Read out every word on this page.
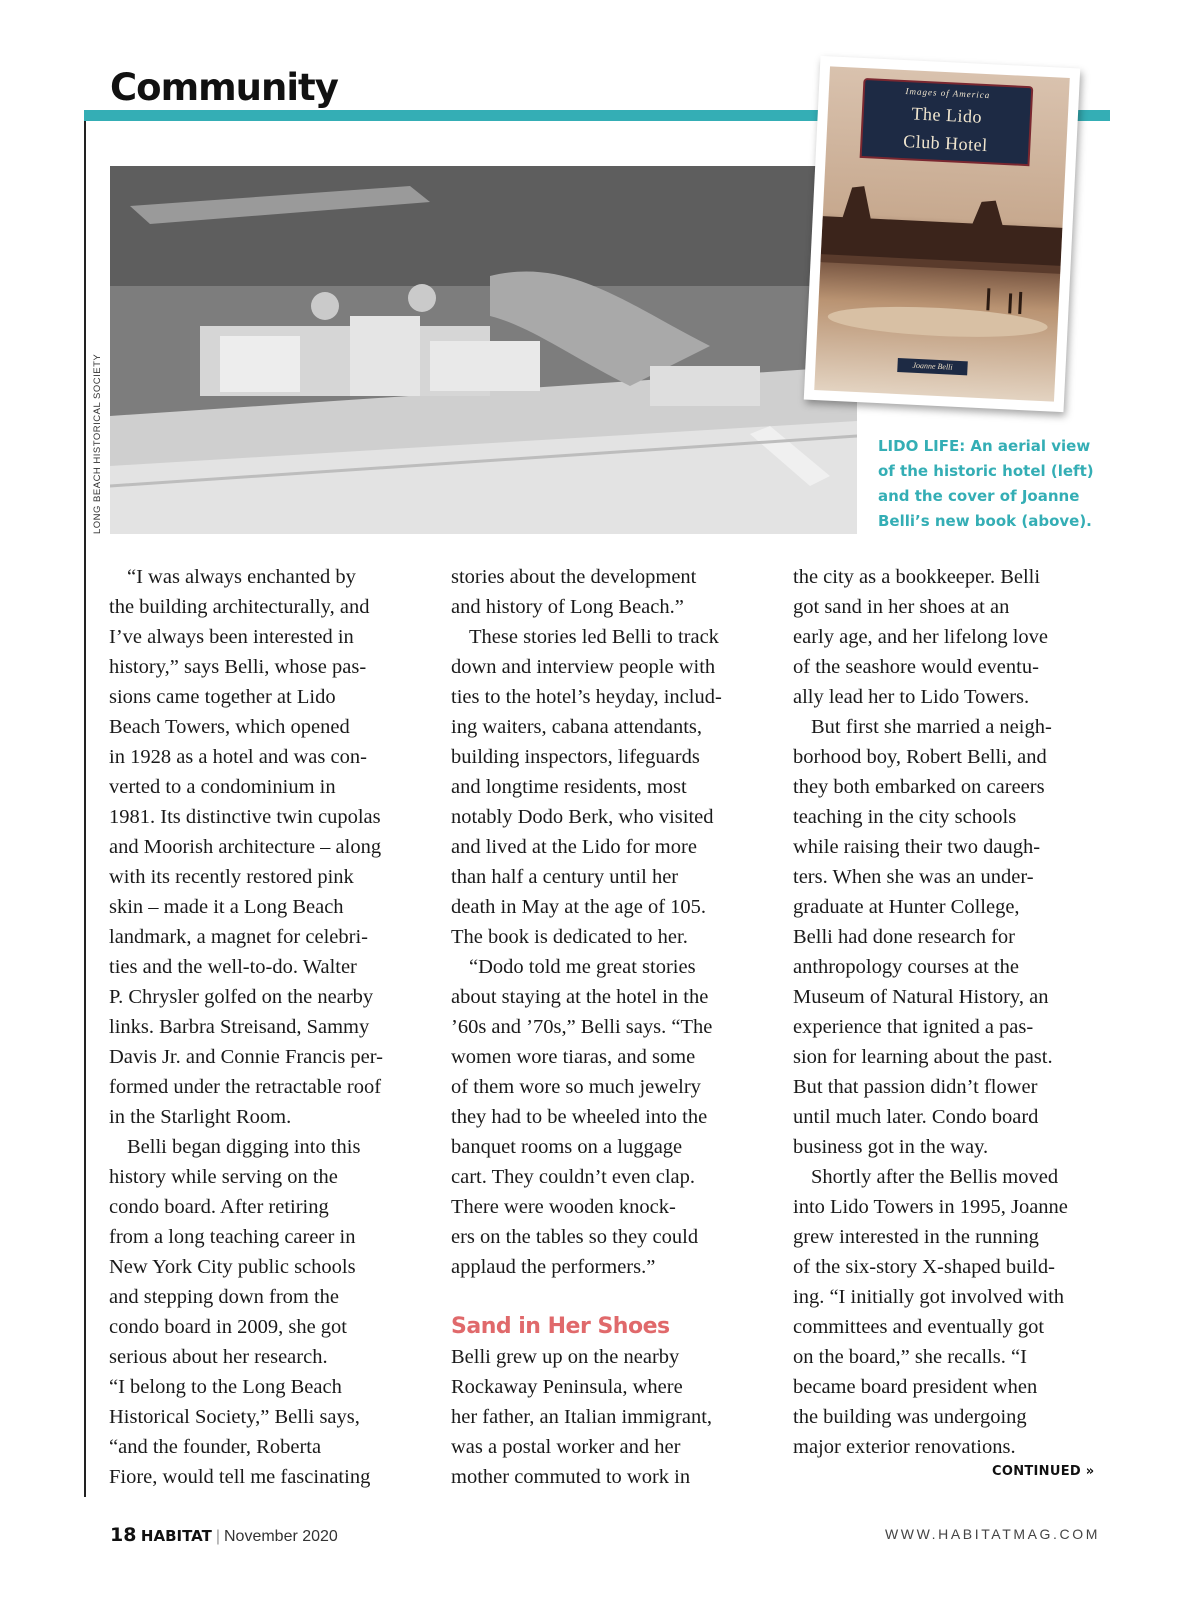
Community
LONG BEACH HISTORICAL SOCIETY
Images of America
The Lido
Club Hotel
Joanne Belli
LIDO LIFE: An aerial view of the historic hotel (left) and the cover of Joanne Belli’s new book (above).

“I was always enchanted by

the building architecturally, and

I’ve always been interested in

history,” says Belli, whose pas-

sions came together at Lido

Beach Towers, which opened

in 1928 as a hotel and was con-

verted to a condominium in

1981. Its distinctive twin cupolas

and Moorish architecture – along

with its recently restored pink

skin – made it a Long Beach

landmark, a magnet for celebri-

ties and the well-to-do. Walter

P. Chrysler golfed on the nearby

links. Barbra Streisand, Sammy

Davis Jr. and Connie Francis per-

formed under the retractable roof

in the Starlight Room.

Belli began digging into this

history while serving on the

condo board. After retiring

from a long teaching career in

New York City public schools

and stepping down from the

condo board in 2009, she got

serious about her research.

“I belong to the Long Beach

Historical Society,” Belli says,

“and the founder, Roberta

Fiore, would tell me fascinating

stories about the development

and history of Long Beach.”

These stories led Belli to track

down and interview people with

ties to the hotel’s heyday, includ-

ing waiters, cabana attendants,

building inspectors, lifeguards

and longtime residents, most

notably Dodo Berk, who visited

and lived at the Lido for more

than half a century until her

death in May at the age of 105.

The book is dedicated to her.

“Dodo told me great stories

about staying at the hotel in the

’60s and ’70s,” Belli says. “The

women wore tiaras, and some

of them wore so much jewelry

they had to be wheeled into the

banquet rooms on a luggage

cart. They couldn’t even clap.

There were wooden knock-

ers on the tables so they could

applaud the performers.”

Sand in Her Shoes

Belli grew up on the nearby

Rockaway Peninsula, where

her father, an Italian immigrant,

was a postal worker and her

mother commuted to work in

the city as a bookkeeper. Belli

got sand in her shoes at an

early age, and her lifelong love

of the seashore would eventu-

ally lead her to Lido Towers.

But first she married a neigh-

borhood boy, Robert Belli, and

they both embarked on careers

teaching in the city schools

while raising their two daugh-

ters. When she was an under-

graduate at Hunter College,

Belli had done research for

anthropology courses at the

Museum of Natural History, an

experience that ignited a pas-

sion for learning about the past.

But that passion didn’t flower

until much later. Condo board

business got in the way.

Shortly after the Bellis moved

into Lido Towers in 1995, Joanne

grew interested in the running

of the six-story X-shaped build-

ing. “I initially got involved with

committees and eventually got

on the board,” she recalls. “I

became board president when

the building was undergoing

major exterior renovations.

CONTINUED »
18 HABITAT | November 2020	WWW.HABITATMAG.COM
